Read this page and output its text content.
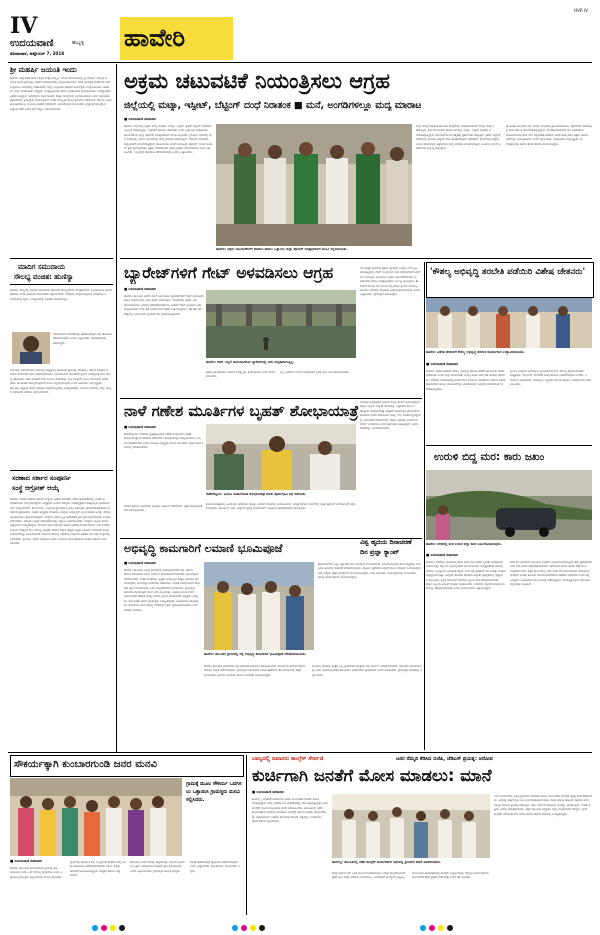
IV
ಉದಯವಾಣಿ	ಹುಬ್ಬಳ್ಳಿ
ಸೋಮವಾರ, ಅಕ್ಟೋಬರ್ 7, 2018
ಹಾವೇರಿ
HVR IV
ಶ್ರೀ ಮಹರ್ಷಿ ಜಯಂತಿ ಇಂದು
ಹಾವೇರಿ: ಜಿಲ್ಲಾಡಳಿತ ಹಾಗೂ ಕನ್ನಡ ಮತ್ತು ಸಂಸ್ಕೃತಿ ಇಲಾಖೆ ಸಹಯೋಗದಲ್ಲಿ ಶ್ರೀ ಮಹರ್ಷಿ ವಾಲ್ಮೀಕಿ ಜಯಂತಿ ಕಾರ್ಯಕ್ರಮವನ್ನು ನಗರದ ಗುರುಭವನದಲ್ಲಿ ಆಯೋಜಿಸಲಾಗಿದೆ. ಬೆಳಗ್ಗೆ ಭಾವಚಿತ್ರ ಮೆರವಣಿಗೆ ನಗರದ ಪ್ರಮುಖ ಬೀದಿಗಳಲ್ಲಿ ಸಂಚರಿಸಲಿದೆ. ಜಿಲ್ಲಾ ಉಸ್ತುವಾರಿ ಸಚಿವರು ಕಾರ್ಯಕ್ರಮ ಉದ್ಘಾಟಿಸುವರು. ಶಾಸಕರು, ಜಿಲ್ಲಾ ಪಂಚಾಯತ್ ಅಧ್ಯಕ್ಷರು, ಜನಪ್ರತಿನಿಧಿಗಳು ಹಾಗೂ ಅಧಿಕಾರಿಗಳು ಪಾಲ್ಗೊಳ್ಳುವರು. ಉಪನ್ಯಾಸಕರು ವಿಶೇಷ ಉಪನ್ಯಾಸ ನೀಡಲಿದ್ದಾರೆ. ಸಾರ್ವಜನಿಕರು ಹೆಚ್ಚಿನ ಸಂಖ್ಯೆಯಲ್ಲಿ ಭಾಗವಹಿಸಬೇಕು ಎಂದು ಜಿಲ್ಲಾಧಿಕಾರಿ ಪ್ರಕಟಣೆಯಲ್ಲಿ ತಿಳಿಸಿದ್ದಾರೆ. ಕಾರ್ಯಕ್ರಮದ ನಂತರ ಸಾಂಸ್ಕೃತಿಕ ಕಾರ್ಯಕ್ರಮಗಳು ನಡೆಯಲಿವೆ. ಜಿಲ್ಲೆಯ ವಿವಿಧ ತಾಲೂಕುಗಳಲ್ಲೂ ಜಯಂತಿ ಆಚರಣೆ ನಡೆಯಲಿದೆ. ಸಮುದಾಯದ ಮುಖಂಡರು ಸಿದ್ಧತೆ ಕೈಗೊಂಡಿದ್ದಾರೆ. ವಿದ್ಯಾರ್ಥಿಗಳಿಗೆ ವಿವಿಧ ಸ್ಪರ್ಧೆಗಳನ್ನು ಏರ್ಪಡಿಸಲಾಗಿದೆ.
ಮಾದಿಗ ಸಮುದಾಯ
ಸೌಲಭ್ಯ ವಂಚಿತ: ಹುಣಿಸ್ಯಾ
ಹಾವೇರಿ: ರಾಜ್ಯದಲ್ಲಿ ಮಾದಿಗ ಸಮುದಾಯ ಸರ್ಕಾರದ ಸೌಲಭ್ಯಗಳಿಂದ ವಂಚಿತವಾಗಿದೆ. ಒಳಮೀಸಲಾತಿ ಜಾರಿಗೆ ತರಬೇಕು ಎಂದು ಸಮಿತಿಯ ಮುಖಂಡರು ಒತ್ತಾಯಿಸಿದರು. ನಗರದಲ್ಲಿ ಸುದ್ದಿಗೋಷ್ಠಿಯಲ್ಲಿ ಮಾತನಾಡಿ ಸಮುದಾಯಕ್ಕೆ ಶಿಕ್ಷಣ, ಉದ್ಯೋಗದಲ್ಲಿ ಅವಕಾಶ ದೊರೆಯುತ್ತಿಲ್ಲ.
ಸಮುದಾಯದ ಬೇಡಿಕೆಗಳನ್ನು ಈಡೇರಿಸದಿದ್ದರೆ ಉಗ್ರ ಹೋರಾಟ ನಡೆಸಲಾಗುವುದು ಎಂದು ಎಚ್ಚರಿಸಿದರು. ಪದಾಧಿಕಾರಿಗಳು ಹಾಜರಿದ್ದರು.
ಜಿಲ್ಲೆಯಲ್ಲಿ ಸಮುದಾಯದ ಜನಸಂಖ್ಯೆ ಹೆಚ್ಚಿದ್ದರೂ ರಾಜಕೀಯ ಪ್ರಾತಿನಿಧ್ಯ ದೊರೆತಿಲ್ಲ. ಸರ್ಕಾರ ಕೂಡಲೇ ಸದಾಶಿವ ಆಯೋಗದ ವರದಿ ಜಾರಿಗೊಳಿಸಬೇಕು. ಸಮುದಾಯದ ಯುವಕರಿಗೆ ಸ್ವಯಂ ಉದ್ಯೋಗಕ್ಕೆ ಸಾಲ ಸೌಲಭ್ಯ ಕಲ್ಪಿಸಬೇಕು. ವಸತಿ ರಹಿತರಿಗೆ ಮನೆ ನಿರ್ಮಿಸಿ ಕೊಡಬೇಕು. ಭೂ ರಹಿತರಿಗೆ ಭೂಮಿ ಮಂಜೂರು ಮಾಡಬೇಕು. ಈ ಕುರಿತು ಮುಖ್ಯಮಂತ್ರಿಗಳಿಗೆ ಮನವಿ ಸಲ್ಲಿಸಲಾಗುವುದು ಎಂದು ತಿಳಿಸಿದರು. ಜಿಲ್ಲಾಧ್ಯಕ್ಷರು, ತಾಲೂಕು ಅಧ್ಯಕ್ಷರು ಹಾಗೂ ಸದಸ್ಯರು ಸುದ್ದಿಗೋಷ್ಠಿಯಲ್ಲಿ ಉಪಸ್ಥಿತರಿದ್ದರು. ಮುಂದಿನ ದಿನಗಳಲ್ಲಿ ಜಿಲ್ಲಾ ಮಟ್ಟದ ಸಮಾವೇಶ ನಡೆಸಲು ನಿರ್ಧರಿಸಲಾಗಿದೆ.
ಸರಣಾದ ಸರ್ಕಾರ ಸಂಪೂರ್ಣ
ಸಂಸ್ಥೆ ಆಗ್ರೋತ್ ಆಯ್ಕೆ
ಹಾವೇರಿ: ನಗರದ ಸರಣಾದ ಸರ್ಕಾರ ಸಂಸ್ಥೆಯ ಆಡಳಿತ ಮಂಡಳಿಗೆ ನಡೆದ ಚುನಾವಣೆಯಲ್ಲಿ ನೂತನ ಪದಾಧಿಕಾರಿಗಳು ಆಯ್ಕೆಯಾಗಿದ್ದಾರೆ. ಅಧ್ಯಕ್ಷರಾಗಿ ಹಿರಿಯ ಸದಸ್ಯರು, ಉಪಾಧ್ಯಕ್ಷರಾಗಿ ಮತ್ತೊಬ್ಬರು ಅವಿರೋಧವಾಗಿ ಆಯ್ಕೆಯಾದರು. ಕಾರ್ಯದರ್ಶಿ, ಖಜಾಂಚಿ ಸ್ಥಾನಗಳಿಗೂ ಆಯ್ಕೆ ನಡೆಯಿತು. ಚುನಾವಣಾಧಿಕಾರಿಗಳು ಫಲಿತಾಂಶ ಪ್ರಕಟಿಸಿದರು. ನೂತನ ಅಧ್ಯಕ್ಷರು ಮಾತನಾಡಿ ಸಂಸ್ಥೆಯ ಅಭಿವೃದ್ಧಿಗೆ ಎಲ್ಲರ ಸಹಕಾರ ಅಗತ್ಯ. ಸದಸ್ಯರ ಹಿತ ಕಾಪಾಡಲು ಶ್ರಮಿಸಲಾಗುವುದು. ಸಂಸ್ಥೆಯ ಆರ್ಥಿಕ ಸ್ಥಿತಿ ಸುಧಾರಣೆಗೆ ಕ್ರಮ ಕೈಗೊಳ್ಳಲಾಗುವುದು ಎಂದರು. ನಿರ್ದೇಶಕರು, ಸದಸ್ಯರು ನೂತನ ಪದಾಧಿಕಾರಿಗಳನ್ನು ಸನ್ಮಾನಿಸಿ ಅಭಿನಂದಿಸಿದರು. ಸಂಸ್ಥೆಯ ಸಿಬ್ಬಂದಿ ಹಾಗೂ ಹಿತೈಷಿಗಳು ಉಪಸ್ಥಿತರಿದ್ದರು. ಮುಂದಿನ ಐದು ವರ್ಷಗಳ ಅವಧಿಗೆ ಆಡಳಿತ ಮಂಡಳಿ ಕಾರ್ಯ ನಿರ್ವಹಿಸಲಿದೆ. ಸಂಸ್ಥೆಯ ಸದಸ್ಯರಿಗೆ ಸಾಲ ಸೌಲಭ್ಯ ವಿಸ್ತರಣೆ, ಠೇವಣಿ ಸಂಗ್ರಹ ಹೆಚ್ಚಳ, ಕಟ್ಟಡ ನವೀಕರಣ ಸೇರಿದಂತೆ ಹಲವು ಯೋಜನೆಗಳನ್ನು ರೂಪಿಸಲಾಗಿದೆ. ವಾರ್ಷಿಕ ಸಾಮಾನ್ಯ ಸಭೆಯಲ್ಲಿ ಲಾಭಾಂಶ ವಿತರಣೆ ಬಗ್ಗೆ ನಿರ್ಧಾರ ಕೈಗೊಳ್ಳಲಾಗುವುದು. ಗ್ರಾಮೀಣ ಭಾಗದ ಸದಸ್ಯರಿಗೂ ಸೇವೆ ಒದಗಿಸಲು ಶಾಖೆ ತೆರೆಯುವ ಚಿಂತನೆ ನಡೆದಿದೆ ಎಂದು ತಿಳಿಸಿದರು.
ಅಕ್ರಮ ಚಟುವಟಿಕೆ ನಿಯಂತ್ರಿಸಲು ಆಗ್ರಹ
ಜಿಲ್ಲೆಯಲ್ಲಿ ಮಟ್ಕಾ, ಇಸ್ಪೀಟ್, ಬೆಟ್ಟಿಂಗ್ ದಂಧೆ ನಿರಾತಂಕ ■ ಮನೆ, ಅಂಗಡಿಗಳಲ್ಲೂ ಮದ್ಯ ಮಾರಾಟ
■ ಉದಯವಾಣಿ ಸಮಾಚಾರ
ಹಾವೇರಿ: ಜಿಲ್ಲೆಯಲ್ಲಿ ಅಕ್ರಮ ಮದ್ಯ ಮಾರಾಟ, ಮಟ್ಕಾ, ಇಸ್ಪೀಟ್, ಕ್ರಿಕೆಟ್ ಬೆಟ್ಟಿಂಗ್ ದಂಧೆಗಳು ಎಗ್ಗಿಲ್ಲದೆ ನಡೆಯುತ್ತಿದ್ದು, ಇವುಗಳಿಗೆ ಕಡಿವಾಣ ಹಾಕಬೇಕು ಎಂದು ಒತ್ತಾಯಿಸಿ ಸಂಘಟನೆಯ ಕಾರ್ಯಕರ್ತರು ಜಿಲ್ಲಾ ಪೊಲೀಸ್ ವರಿಷ್ಠಾಧಿಕಾರಿಗೆ ಮನವಿ ಸಲ್ಲಿಸಿದರು. ಗ್ರಾಮೀಣ ಭಾಗದಲ್ಲಿ ಮನೆ ಮನೆಗಳಲ್ಲಿ, ಕಿರಾಣಿ ಅಂಗಡಿಗಳಲ್ಲಿ ಮದ್ಯ ಮಾರಾಟ ನಡೆಯುತ್ತಿದೆ. ಇದರಿಂದ ಯುವಕರು ದುಶ್ಚಟಗಳಿಗೆ ಬಲಿಯಾಗುತ್ತಿದ್ದಾರೆ. ಕುಟುಂಬಗಳು ಬೀದಿಗೆ ಬೀಳುತ್ತಿವೆ. ಪೊಲೀಸ್ ಇಲಾಖೆ ಕೂಡಲೇ ಕ್ರಮ ಕೈಗೊಳ್ಳಬೇಕು. ಅಕ್ರಮ ದಂಧೆಕೋರರ ವಿರುದ್ಧ ಪ್ರಕರಣ ದಾಖಲಿಸಬೇಕು ಎಂದು ಆಗ್ರಹಿಸಿದರು. ಇಲ್ಲದಿದ್ದರೆ ಹೋರಾಟ ನಡೆಸಲಾಗುವುದು ಎಂದು ಎಚ್ಚರಿಸಿದರು.
ಹಾವೇರಿ: ಅಕ್ರಮ ಚಟುವಟಿಕೆಗಳಿಗೆ ಕಡಿವಾಣ ಹಾಕಲು ಒತ್ತಾಯಿಸಿ ಜಿಲ್ಲಾ ಪೊಲೀಸ್ ವರಿಷ್ಠಾಧಿಕಾರಿಗೆ ಮನವಿ ಸಲ್ಲಿಸಲಾಯಿತು.
ಜಿಲ್ಲಾ ಕೇಂದ್ರ ಸೇರಿದಂತೆ ತಾಲೂಕು ಕೇಂದ್ರಗಳಲ್ಲಿ ರಾಜಾರೋಷವಾಗಿ ಮಟ್ಕಾ ದಂಧೆ ನಡೆಯುತ್ತಿದೆ. ಕೂಲಿ ಕಾರ್ಮಿಕರು ದುಡಿದ ಹಣವನ್ನು ಮಟ್ಕಾ, ಇಸ್ಪೀಟ್ ಆಟದಲ್ಲಿ ಕಳೆದುಕೊಳ್ಳುತ್ತಿದ್ದಾರೆ. ಸಾಲಬಾಧೆಯಿಂದ ಆತ್ಮಹತ್ಯೆ ಪ್ರಕರಣಗಳು ಹೆಚ್ಚುತ್ತಿವೆ. ಕ್ರಿಕೆಟ್ ಬೆಟ್ಟಿಂಗ್ ದಂಧೆಯಲ್ಲಿ ಕಾಲೇಜು ವಿದ್ಯಾರ್ಥಿಗಳೂ ತೊಡಗಿರುವುದು ಆತಂಕಕಾರಿ. ಗ್ರಾಮಗಳಲ್ಲಿ ಹೆದ್ದಾರಿ ಬದಿಯ ಡಾಬಾಗಳಲ್ಲಿ ಅಕ್ರಮವಾಗಿ ಮದ್ಯ ಮಾರಾಟ ಮಾಡಲಾಗುತ್ತಿದೆ. ಅಬಕಾರಿ ಇಲಾಖೆ ಅಧಿಕಾರಿಗಳು ಕಣ್ಮುಚ್ಚಿ ಕುಳಿತಿದ್ದಾರೆ.
ಈ ಕುರಿತು ಹಲವಾರು ಬಾರಿ ದೂರು ನೀಡಿದರೂ ಪ್ರಯೋಜನವಾಗಿಲ್ಲ. ಪೊಲೀಸರು ನೆಪಮಾತ್ರಕ್ಕೆ ದಾಳಿ ನಡೆಸಿ ಕೈ ತೊಳೆದುಕೊಳ್ಳುತ್ತಿದ್ದಾರೆ. ದಂಧೆಕೋರರೊಂದಿಗೆ ಕೆಲ ಅಧಿಕಾರಿಗಳು ಶಾಮೀಲಾಗಿರುವ ಶಂಕೆ ಇದೆ. ಜಿಲ್ಲಾಡಳಿತ ಕೂಡಲೇ ವಿಶೇಷ ತಂಡ ರಚಿಸಿ ಅಕ್ರಮ ಚಟುವಟಿಕೆಗಳನ್ನು ನಿಯಂತ್ರಿಸಬೇಕು ಎಂದು ಆಗ್ರಹಿಸಿದರು. ಸಂಘಟನೆಯ ಜಿಲ್ಲಾಧ್ಯಕ್ಷರು, ಪದಾಧಿಕಾರಿಗಳು ಹಾಗೂ ಕಾರ್ಯಕರ್ತರು ಪಾಲ್ಗೊಂಡಿದ್ದರು.
ಬ್ಯಾರೇಜ್‌ಗಳಿಗೆ ಗೇಟ್ ಅಳವಡಿಸಲು ಆಗ್ರಹ
■ ಉದಯವಾಣಿ ಸಮಾಚಾರ
ಹಾವೇರಿ: ತಾಲೂಕಿನ ವರದಾ ನದಿಗೆ ನಿರ್ಮಿಸಿರುವ ಬ್ಯಾರೇಜ್‌ಗಳಿಗೆ ಗೇಟ್ ಅಳವಡಿಸದ ಕಾರಣ ಮಳೆಗಾಲದಲ್ಲಿ ನೀರು ಹರಿದು ಹೋಗುತ್ತಿದೆ. ಬೇಸಿಗೆಯಲ್ಲಿ ರೈತರು, ಜನ ಜಾನುವಾರುಗಳು ನೀರಿಗಾಗಿ ಪರದಾಡುವಂತಾಗಿದೆ. ಕೂಡಲೇ ಗೇಟ್ ಅಳವಡಿಸಿ ನೀರು ಸಂಗ್ರಹಿಸಬೇಕು ಎಂದು ರೈತ ಸಂಘದ ಮುಖಂಡರು ಒತ್ತಾಯಿಸಿದ್ದಾರೆ. ಲಕ್ಷಾಂತರ ರೂ. ವೆಚ್ಚದಲ್ಲಿ ನಿರ್ಮಿಸಿರುವ ಬ್ಯಾರೇಜ್‌ಗಳು ನಿರುಪಯುಕ್ತವಾಗಿವೆ.
ಹಾವೇರಿ: ಗೇಟ್ ಇಲ್ಲದೆ ಖಾಲಿಯಾಗಿರುವ ಬ್ಯಾರೇಜ್‌ನಲ್ಲಿ ನೀರು ಸಂಗ್ರಹವಾಗುತ್ತಿಲ್ಲ.
ರೈತರ ಹಿತ ಕಾಪಾಡಲು ಸರ್ಕಾರ ಅಗತ್ಯ ಕ್ರಮ ಕೈಗೊಳ್ಳಬೇಕು ಎಂದು ಮನವಿ ಮಾಡಿದರು.
ಸಣ್ಣ ನೀರಾವರಿ ಇಲಾಖೆ ಅಧಿಕಾರಿಗಳು ಸ್ಥಳಕ್ಕೆ ಭೇಟಿ ನೀಡಿ ಪರಿಶೀಲಿಸಬೇಕು.
ನದಿ ಪಾತ್ರದ ಗ್ರಾಮಗಳ ರೈತರು ಬ್ಯಾರೇಜ್ ನೀರನ್ನೇ ನಂಬಿ ಕೃಷಿ ಮಾಡುತ್ತಿದ್ದಾರೆ. ಗೇಟ್ ಇಲ್ಲದ್ದರಿಂದ ನೀರು ಸಂಗ್ರಹವಾಗದೆ ಬೆಳೆಗಳು ಒಣಗುತ್ತಿವೆ. ಕುಡಿಯುವ ನೀರಿಗೂ ತೊಂದರೆಯಾಗಿದೆ. ಅಧಿಕಾರಿಗಳು ಹಾಗೂ ಜನಪ್ರತಿನಿಧಿಗಳು ನಿರ್ಲಕ್ಷ್ಯ ವಹಿಸಿದ್ದಾರೆ. ಈಗಾಗಲೇ ಹಲವು ಬಾರಿ ಮನವಿ ಸಲ್ಲಿಸಿದರೂ ಸ್ಪಂದನೆ ದೊರೆತಿಲ್ಲ. ಮುಂದಿನ ದಿನಗಳಲ್ಲಿ ಹೋರಾಟ ತೀವ್ರಗೊಳಿಸಲಾಗುವುದು ಎಂದು ಎಚ್ಚರಿಸಿದರು. ಗ್ರಾಮಸ್ಥರು ಹಾಜರಿದ್ದರು.
'ಕೌಶಲ್ಯ ಅಭಿವೃದ್ಧಿ ತರಬೇತಿ ಪಡೆಯಿರಿ ವಿಶೇಷ ಚೇತನರು'
ಹಾವೇರಿ: ವಿಶೇಷ ಚೇತನರಿಗೆ ಕೌಶಲ್ಯ ಅಭಿವೃದ್ಧಿ ತರಬೇತಿ ಕಾರ್ಯಾಗಾರ ಉದ್ಘಾಟಿಸಲಾಯಿತು.
■ ಉದಯವಾಣಿ ಸಮಾಚಾರ
ಹಾವೇರಿ: ವಿಶೇಷ ಚೇತನರು ಕೌಶಲ್ಯ ಅಭಿವೃದ್ಧಿ ತರಬೇತಿ ಪಡೆದು ಸ್ವಾವಲಂಬಿ ಜೀವನ ನಡೆಸಬೇಕು ಎಂದು ಜಿಲ್ಲಾ ಪಂಚಾಯತ್ ಮುಖ್ಯ ಕಾರ್ಯನಿರ್ವಾಹಕ ಅಧಿಕಾರಿ ಹೇಳಿದರು. ನಗರದಲ್ಲಿ ಆಯೋಜಿಸಿದ್ದ ಕಾರ್ಯಾಗಾರ ಉದ್ಘಾಟಿಸಿ ಮಾತನಾಡಿ, ಸರ್ಕಾರ ವಿಶೇಷ ಚೇತನರಿಗಾಗಿ ಹಲವು ಯೋಜನೆಗಳನ್ನು ಜಾರಿಗೊಳಿಸಿದೆ. ಅವುಗಳ ಸದುಪಯೋಗ ಪಡೆದುಕೊಳ್ಳಬೇಕು.
ಸ್ವಯಂ ಉದ್ಯೋಗ ಕೈಗೊಳ್ಳಲು ಬ್ಯಾಂಕುಗಳಿಂದ ಸಾಲ ಸೌಲಭ್ಯ ಕಲ್ಪಿಸಲಾಗುವುದು. ಕಂಪ್ಯೂಟರ್, ಟೈಲರಿಂಗ್ ಸೇರಿದಂತೆ ವಿವಿಧ ತರಬೇತಿ ನೀಡಲಾಗುವುದು ಎಂದರು. ಇಲಾಖೆಯ ಅಧಿಕಾರಿಗಳು, ಸಂಪನ್ಮೂಲ ವ್ಯಕ್ತಿಗಳು ಪಾಲ್ಗೊಂಡಿದ್ದರು. ಶಿಬಿರಾರ್ಥಿಗಳು ಭಾಗವಹಿಸಿದ್ದರು.
ನಾಳೆ ಗಣೇಶ ಮೂರ್ತಿಗಳ ಬೃಹತ್ ಶೋಭಾಯಾತ್ರೆ
■ ಉದಯವಾಣಿ ಸಮಾಚಾರ
ರಾಣೆಬೆನ್ನೂರು: ನಗರದಲ್ಲಿ ಪ್ರತಿಷ್ಠಾಪಿಸಿರುವ ಗಣೇಶ ಮೂರ್ತಿಗಳ ಬೃಹತ್ ಶೋಭಾಯಾತ್ರೆ ಮಂಗಳವಾರ ನಡೆಯಲಿದೆ. ಶೋಭಾಯಾತ್ರೆ ಯಶಸ್ವಿಗೊಳಿಸಲು ಎಲ್ಲರೂ ಸಹಕರಿಸಬೇಕು ಎಂದು ಸಮಿತಿಯ ಅಧ್ಯಕ್ಷರು ಮನವಿ ಮಾಡಿದರು. ಪೂರ್ವಭಾವಿ ಸಭೆಯಲ್ಲಿ ಮಾತನಾಡಿದರು.
ರಾಣೆಬೆನ್ನೂರು: ಹಿಂದೂ ಮಹಾಗಣಪತಿ ಶೋಭಾಯಾತ್ರೆ ಕುರಿತು ಪೂರ್ವಭಾವಿ ಸಭೆ ನಡೆಯಿತು.
ಶೋಭಾಯಾತ್ರೆಯಲ್ಲಿ ವಿವಿಧ ಕಲಾ ತಂಡಗಳು, ಡೊಳ್ಳು, ಜಾಂಜ್ ಮೇಳಗಳು ಭಾಗವಹಿಸಲಿವೆ. ಯಾತ್ರೆ ಸಾಗುವ ಮಾರ್ಗದಲ್ಲಿ ಸೂಕ್ತ ಪೊಲೀಸ್ ಬಂದೋಬಸ್ತ್ ಕಲ್ಪಿಸಲಾಗುವುದು. ಕುಡಿಯುವ ನೀರು, ವಿದ್ಯುತ್ ವ್ಯವಸ್ಥೆ ಮಾಡಲಾಗಿದೆ. ಸಮಿತಿಯ ಪದಾಧಿಕಾರಿಗಳು ಹಾಜರಿದ್ದರು.
ನಗರದ ಪ್ರಮುಖ ಬೀದಿಗಳಲ್ಲಿ ಸಂಚರಿಸಿ ವಿಸರ್ಜನೆ ನಡೆಯಲಿದೆ. ಭಕ್ತರು ಶಾಂತಿಯುತವಾಗಿ ಪಾಲ್ಗೊಳ್ಳಬೇಕು.
ನಗರಸಭೆ ಅಧಿಕಾರಿಗಳು ರಸ್ತೆಗಳ ದುರಸ್ತಿ ಕಾರ್ಯ ಕೈಗೊಂಡಿದ್ದಾರೆ. ಹೆಸ್ಕಾಂ ಸಿಬ್ಬಂದಿ ವಿದ್ಯುತ್ ತಂತಿಗಳನ್ನು ಎತ್ತರಿಸುವ ಕೆಲಸ ನಡೆಸಿದ್ದಾರೆ. ಶೋಭಾಯಾತ್ರೆ ವೀಕ್ಷಣೆಗೆ ಸುತ್ತಮುತ್ತಲ ಗ್ರಾಮಗಳಿಂದ ಸಾವಿರಾರು ಜನರು ಆಗಮಿಸುವ ನಿರೀಕ್ಷೆ ಇದೆ. ಸಂಚಾರ ವ್ಯವಸ್ಥೆಯಲ್ಲಿ ಬದಲಾವಣೆ ಮಾಡಲಾಗಿದೆ. ವಾಹನ ಸವಾರರು ಪರ್ಯಾಯ ಮಾರ್ಗ ಬಳಸಬೇಕು ಎಂದು ಪೊಲೀಸರು ಸೂಚಿಸಿದ್ದಾರೆ. ಸ್ವಯಂ ಸೇವಕರನ್ನು ನಿಯೋಜಿಸಲಾಗಿದೆ.
ಅಭಿವೃದ್ಧಿ ಕಾಮಗಾರಿಗೆ ಲಮಾಣಿ ಭೂಮಿಪೂಜೆ
■ ಉದಯವಾಣಿ ಸಮಾಚಾರ
ಹಾವೇರಿ: ತಾಲೂಕಿನ ವಿವಿಧ ಗ್ರಾಮಗಳಲ್ಲಿ ಕೈಗೊಳ್ಳಲಾಗಿರುವ ರಸ್ತೆ, ಚರಂಡಿ ಹಾಗೂ ಸಮುದಾಯ ಭವನ ನಿರ್ಮಾಣ ಕಾಮಗಾರಿಗಳಿಗೆ ಶಾಸಕರು ಭೂಮಿಪೂಜೆ ನೆರವೇರಿಸಿದರು. ನಂತರ ಮಾತನಾಡಿ, ಕ್ಷೇತ್ರದ ಅಭಿವೃದ್ಧಿಗೆ ಹೆಚ್ಚಿನ ಅನುದಾನ ತರಲಾಗುವುದು. ಗುಣಮಟ್ಟದ ಕಾಮಗಾರಿ ನಡೆಸಬೇಕು. ನಿಗದಿತ ಅವಧಿಯೊಳಗೆ ಕಾಮಗಾರಿ ಪೂರ್ಣಗೊಳಿಸಬೇಕು ಎಂದು ಗುತ್ತಿಗೆದಾರರಿಗೆ ಸೂಚಿಸಿದರು. ಗ್ರಾಮಸ್ಥರು ಕಾಮಗಾರಿ ಗುಣಮಟ್ಟದ ಮೇಲೆ ನಿಗಾ ವಹಿಸಬೇಕು. ಅಭಿವೃದ್ಧಿ ಕಾರ್ಯಗಳಿಗೆ ಸಾರ್ವಜನಿಕರ ಸಹಕಾರ ಅಗತ್ಯ ಎಂದರು. ಗ್ರಾಮ ಪಂಚಾಯತ್ ಅಧ್ಯಕ್ಷರು, ಸದಸ್ಯರು, ಮುಖಂಡರು ಹಾಗೂ ಗ್ರಾಮಸ್ಥರು ಉಪಸ್ಥಿತರಿದ್ದರು. ಅಧಿಕಾರಿಗಳು ಹಾಜರಿದ್ದರು. ಕುಡಿಯುವ ನೀರಿನ ಸಮಸ್ಯೆ ಬಗೆಹರಿಸಲು ಕ್ರಮ ಕೈಗೊಳ್ಳಲಾಗುವುದು ಎಂದು ಭರವಸೆ ನೀಡಿದರು.
ಕಾಮಗಾರಿಗಳಿಗೆ ಒಟ್ಟು ಲಕ್ಷಾಂತರ ರೂ. ಅನುದಾನ ಮಂಜೂರಾಗಿದೆ. ಶಿಥಿಲಗೊಂಡಿರುವ ಶಾಲಾ ಕಟ್ಟಡಗಳ ದುರಸ್ತಿಗೂ ಅನುದಾನ ಬಿಡುಗಡೆ ಮಾಡಲಾಗುವುದು. ಗ್ರಾಮೀಣ ಪ್ರದೇಶದ ಜನರಿಗೆ ಮೂಲ ಸೌಕರ್ಯ ಒದಗಿಸುವುದು ನಮ್ಮ ಆದ್ಯತೆ. ರೈತರ ಸಮಸ್ಯೆಗಳಿಗೆ ಸ್ಪಂದಿಸಲಾಗುವುದು ಎಂದು ತಿಳಿಸಿದರು. ಕಾರ್ಯಕ್ರಮದಲ್ಲಿ ಮುಖಂಡರು ಹಾಗೂ ಕಾರ್ಯಕರ್ತರು ಪಾಲ್ಗೊಂಡಿದ್ದರು.
ಹಾವೇರಿ: ತಾಲೂಕಿನ ಗ್ರಾಮದಲ್ಲಿ ರಸ್ತೆ ಅಭಿವೃದ್ಧಿ ಕಾಮಗಾರಿಗೆ ಭೂಮಿಪೂಜೆ ನೆರವೇರಿಸಲಾಯಿತು.
ಹಾವೇರಿ ತಾಲೂಕಿನ ಗ್ರಾಮಗಳಲ್ಲಿ ರಸ್ತೆ ಸುಧಾರಣೆ ಕಾಮಗಾರಿ ಆರಂಭಿಸಲಾಗಿದೆ. ಮಳೆಯಿಂದ ಹಾಳಾದ ರಸ್ತೆಗಳ ದುರಸ್ತಿಗೆ ಆದ್ಯತೆ ನೀಡಲಾಗುವುದು. ಗ್ರಾಮಸ್ಥರ ಬಹುದಿನಗಳ ಬೇಡಿಕೆ ಈಡೇರಿದೆ. ಈ ಸಂದರ್ಭದಲ್ಲಿ ಪಕ್ಷದ ಮುಖಂಡರು, ಗ್ರಾಮದ ಹಿರಿಯರು ಹಾಗೂ ಯುವಕರು ಭಾಗವಹಿಸಿದ್ದರು.
ಮುಂದಿನ ದಿನಗಳಲ್ಲಿ ಕ್ಷೇತ್ರದ ಎಲ್ಲ ಗ್ರಾಮಗಳಿಗೆ ಕಾಂಕ್ರೀಟ್ ರಸ್ತೆ ನಿರ್ಮಾಣ ಮಾಡಲಾಗುವುದು. ಸರ್ಕಾರದ ಯೋಜನೆಗಳನ್ನು ಅರ್ಹ ಫಲಾನುಭವಿಗಳಿಗೆ ತಲುಪಿಸಲು ಅಧಿಕಾರಿಗಳು ಶ್ರಮಿಸಬೇಕು ಎಂದು ಸೂಚಿಸಿದರು. ಗ್ರಾಮಸ್ಥರು ಶಾಸಕರನ್ನು ಸನ್ಮಾನಿಸಿದರು.
ವಿಶ್ವ ಹೃದಯ ದಿನಾಚರಣೆ
ದಿನ ಪ್ರಜ್ಞಾ ಕ್ಯಾಂಪ್
ಉರುಳಿ ಬಿದ್ದ ಮರ: ಕಾರು ಜಖಂ
ಹಾವೇರಿ: ನಗರದಲ್ಲಿ ಮರ ಉರುಳಿ ಬಿದ್ದು ಕಾರು ಜಖಂಗೊಂಡಿರುವುದು.
■ ಉದಯವಾಣಿ ಸಮಾಚಾರ
ಹಾವೇರಿ: ನಗರದಲ್ಲಿ ಭಾನುವಾರ ಸುರಿದ ಭಾರೀ ಗಾಳಿ ಮಳೆಗೆ ಬೃಹತ್ ಮರವೊಂದು ಉರುಳಿ ಬಿದ್ದು ರಸ್ತೆ ಬದಿ ನಿಲ್ಲಿಸಿದ್ದ ಕಾರು ಜಖಂಗೊಂಡಿದೆ. ಅದೃಷ್ಟವಶಾತ್ ಕಾರಿನಲ್ಲಿ ಯಾರೂ ಇಲ್ಲದ್ದರಿಂದ ಅನಾಹುತ ತಪ್ಪಿದೆ. ಮರ ಬಿದ್ದ ಪರಿಣಾಮ ಕೆಲ ಹೊತ್ತು ಸಂಚಾರ ಅಸ್ತವ್ಯಸ್ತಗೊಂಡಿತ್ತು. ವಿದ್ಯುತ್ ತಂತಿಗಳು ತುಂಡಾಗಿ ವಿದ್ಯುತ್ ಪೂರೈಕೆಯಲ್ಲಿ ವ್ಯತ್ಯಯ ಉಂಟಾಯಿತು. ಸ್ಥಳಕ್ಕೆ ಆಗಮಿಸಿದ ನಗರಸಭೆ ಸಿಬ್ಬಂದಿ ಮರ ತೆರವುಗೊಳಿಸಿದರು. ಹೆಸ್ಕಾಂ ಸಿಬ್ಬಂದಿ ವಿದ್ಯುತ್ ಸಂಪರ್ಕ ಸರಿಪಡಿಸಿದರು. ನಗರದಲ್ಲಿ ಶಿಥಿಲಗೊಂಡಿರುವ ಮರಗಳನ್ನು ತೆರವುಗೊಳಿಸಬೇಕು ಎಂದು ಸಾರ್ವಜನಿಕರು ಒತ್ತಾಯಿಸಿದ್ದಾರೆ.
ಕಳೆದ ಕೆಲ ದಿನಗಳಿಂದ ಜಿಲ್ಲೆಯಲ್ಲಿ ಗುಡುಗು ಸಹಿತ ಮಳೆಯಾಗುತ್ತಿದೆ. ತಗ್ಗು ಪ್ರದೇಶಗಳಿಗೆ ನೀರು ನುಗ್ಗಿ ಜನರು ಪರದಾಡುವಂತಾಗಿದೆ. ಚರಂಡಿಗಳು ತುಂಬಿ ಹರಿದು ರಸ್ತೆಗಳು ಜಲಾವೃತಗೊಂಡಿವೆ. ರೈತರ ಹೊಲಗಳಲ್ಲಿ ನೀರು ನಿಂತು ಬೆಳೆ ಹಾನಿಯಾಗಿದೆ. ಮಳೆಯಿಂದ ಮನೆಗಳು ಭಾಗಶಃ ಕುಸಿದಿವೆ. ಹಾನಿಗೊಳಗಾದವರಿಗೆ ಪರಿಹಾರ ನೀಡಬೇಕು ಎಂದು ಆಗ್ರಹಿಸಿದ್ದಾರೆ. ಅಧಿಕಾರಿಗಳು ಹಾನಿ ಸಮೀಕ್ಷೆ ನಡೆಸುತ್ತಿದ್ದಾರೆ. ಮುನ್ನೆಚ್ಚರಿಕೆ ಕ್ರಮ ಕೈಗೊಳ್ಳಲು ಜಿಲ್ಲಾಡಳಿತ ಸೂಚಿಸಿದೆ.
ಸೌಕರ್ಯಕ್ಕಾಗಿ ಕುಂಬಾರಗುಂಡಿ ಜನರ ಮನವಿ
ಗ್ರಾಮಕ್ಕೆ ಮೂಲ ಸೌಕರ್ಯ ಒದಗಿಸಲು ಒತ್ತಾಯಿಸಿ ಗ್ರಾಮಸ್ಥರು ಮನವಿ ಸಲ್ಲಿಸಿದರು.
■ ಉದಯವಾಣಿ ಸಮಾಚಾರ
ಹಾವೇರಿ: ತಾಲೂಕಿನ ಕುಂಬಾರಗುಂಡಿ ಗ್ರಾಮಕ್ಕೆ ರಸ್ತೆ, ಕುಡಿಯುವ ನೀರು, ಬಸ್ ಸೌಲಭ್ಯ ಕಲ್ಪಿಸಬೇಕು ಎಂದು ಒತ್ತಾಯಿಸಿ ಗ್ರಾಮಸ್ಥರು ಜಿಲ್ಲಾಧಿಕಾರಿಗೆ ಮನವಿ ಸಲ್ಲಿಸಿದರು.
ಗ್ರಾಮದಲ್ಲಿ ಸಮರ್ಪಕ ರಸ್ತೆ ಇಲ್ಲದ್ದರಿಂದ ಮಳೆಗಾಲದಲ್ಲಿ ಜನರು ಸಂಚರಿಸಲು ಪರದಾಡುವಂತಾಗಿದೆ. ಶಾಲಾ ಮಕ್ಕಳು ತೊಂದರೆ ಅನುಭವಿಸುತ್ತಿದ್ದಾರೆ. ಆಸ್ಪತ್ರೆಗೆ ತೆರಳಲು ಕಷ್ಟವಾಗಿದೆ.
ಕುಡಿಯುವ ನೀರಿನ ಸಮಸ್ಯೆ ತೀವ್ರವಾಗಿದ್ದು, ಕೊಳವೆ ಬಾವಿಗಳು ಬತ್ತಿವೆ. ಅಧಿಕಾರಿಗಳು ಕೂಡಲೇ ಕ್ರಮ ಕೈಗೊಳ್ಳಬೇಕು ಎಂದು ಒತ್ತಾಯಿಸಿದರು. ಗ್ರಾಮಸ್ಥರು ಪಾಲ್ಗೊಂಡಿದ್ದರು.
ಬೇಡಿಕೆ ಈಡೇರದಿದ್ದರೆ ಪ್ರತಿಭಟನೆ ನಡೆಸಲಾಗುವುದು ಎಂದು ಎಚ್ಚರಿಸಿದರು. ಮಹಿಳೆಯರು, ಮುಖಂಡರು ಇದ್ದರು.
ಬಾಲ್ಯದಲ್ಲಿ ಜವಾನರು ಕಾಂಗ್ರೆಸ್ ಸೇರ್ಪಡೆ	ಜನರ ನೆಮ್ಮದಿ ಕೆಡಿಸಿದ ಬಿಜೆಪಿ, ಜೆಡಿಎಸ್ ಪ್ರಯತ್ನ: ಆರೋಪ
ಕುರ್ಚಿಗಾಗಿ ಜನತೆಗೆ ಮೋಸ ಮಾಡಲು: ಮಾನೆ
■ ಉದಯವಾಣಿ ಸಮಾಚಾರ
ಹಾನಗಲ್ಲ: ಅಧಿಕಾರದ ಕುರ್ಚಿಗಾಗಿ ಬಿಜೆಪಿ ಮುಖಂಡರು ಜನತೆಗೆ ಮೋಸ ಮಾಡುತ್ತಿದ್ದಾರೆ. ಸುಳ್ಳು ಭರವಸೆ ನೀಡಿ ಮತದಾರರನ್ನು ದಾರಿ ತಪ್ಪಿಸುತ್ತಿದ್ದಾರೆ ಎಂದು ಕಾಂಗ್ರೆಸ್ ಮುಖಂಡ ಶ್ರೀನಿವಾಸ ಮಾನೆ ಆರೋಪಿಸಿದರು. ತಾಲೂಕಿನಲ್ಲಿ ನಡೆದ ಕಾರ್ಯಕರ್ತರ ಸಭೆಯಲ್ಲಿ ಮಾತನಾಡಿ, ಕಾಂಗ್ರೆಸ್ ಸರ್ಕಾರ ಜನಪರ ಯೋಜನೆಗಳನ್ನು ಜಾರಿಗೊಳಿಸಿದೆ. ಬಡವರ ಪರ ಕೆಲಸ ಮಾಡಿದೆ. ಪಕ್ಷವನ್ನು ಬಲಪಡಿಸಲು ಕಾರ್ಯಕರ್ತರು ಶ್ರಮಿಸಬೇಕು.
ಹಾನಗಲ್ಲ: ತಾಲೂಕಿನಲ್ಲಿ ನಡೆದ ಕಾಂಗ್ರೆಸ್ ಕಾರ್ಯಕರ್ತರ ಸಭೆಯಲ್ಲಿ ಶ್ರೀನಿವಾಸ ಮಾನೆ ಮಾತನಾಡಿದರು.
ಕೇಂದ್ರ ಸರ್ಕಾರ ಬೆಲೆ ಏರಿಕೆ ಮೂಲಕ ಜನಸಾಮಾನ್ಯರ ಬದುಕು ದುಸ್ತರಗೊಳಿಸಿದೆ. ರೈತರ ಸಾಲ ಮನ್ನಾ ಮಾಡಲು ಮುಂದಾಗಿಲ್ಲ. ಯುವಕರಿಗೆ ಉದ್ಯೋಗ ಸೃಷ್ಟಿಸಿಲ್ಲ.
ಮುಂಬರುವ ಚುನಾವಣೆಯಲ್ಲಿ ಕಾಂಗ್ರೆಸ್ ಅಭ್ಯರ್ಥಿಗಳನ್ನು ಗೆಲ್ಲಿಸಲು ಕಾರ್ಯಕರ್ತರು ಮನೆ ಮನೆಗೆ ತೆರಳಿ ಪ್ರಚಾರ ನಡೆಸಬೇಕು ಎಂದು ಕರೆ ನೀಡಿದರು.
ಇದೇ ಸಂದರ್ಭದಲ್ಲಿ ವಿವಿಧ ಗ್ರಾಮಗಳ ಯುವಕರು ಹಾಗೂ ಮುಖಂಡರು ಕಾಂಗ್ರೆಸ್ ಪಕ್ಷಕ್ಕೆ ಸೇರ್ಪಡೆಗೊಂಡರು. ಅವರನ್ನು ಪಕ್ಷದ ಧ್ವಜ ನೀಡಿ ಬರಮಾಡಿಕೊಳ್ಳಲಾಯಿತು. ಬಿಜೆಪಿ ಹಾಗೂ ಜೆಡಿಎಸ್ ಪಕ್ಷಗಳು ಜನರ ನೆಮ್ಮದಿ ಕೆಡಿಸುವ ಪ್ರಯತ್ನ ನಡೆಸುತ್ತಿವೆ. ಜಾತಿ, ಧರ್ಮದ ಹೆಸರಿನಲ್ಲಿ ಜನರನ್ನು ವಿಭಜಿಸುತ್ತಿವೆ. ಇಂತಹ ಶಕ್ತಿಗಳ ವಿರುದ್ಧ ಜಾಗೃತರಾಗಬೇಕು. ಪಕ್ಷದ ತಾಲೂಕು ಅಧ್ಯಕ್ಷರು, ಜಿಲ್ಲಾ ಪಂಚಾಯತ್ ಸದಸ್ಯರು, ಬ್ಲಾಕ್ ಕಾಂಗ್ರೆಸ್ ಪದಾಧಿಕಾರಿಗಳು ಹಾಗೂ ಕಾರ್ಯಕರ್ತರು ಸಭೆಯಲ್ಲಿ ಉಪಸ್ಥಿತರಿದ್ದರು.
